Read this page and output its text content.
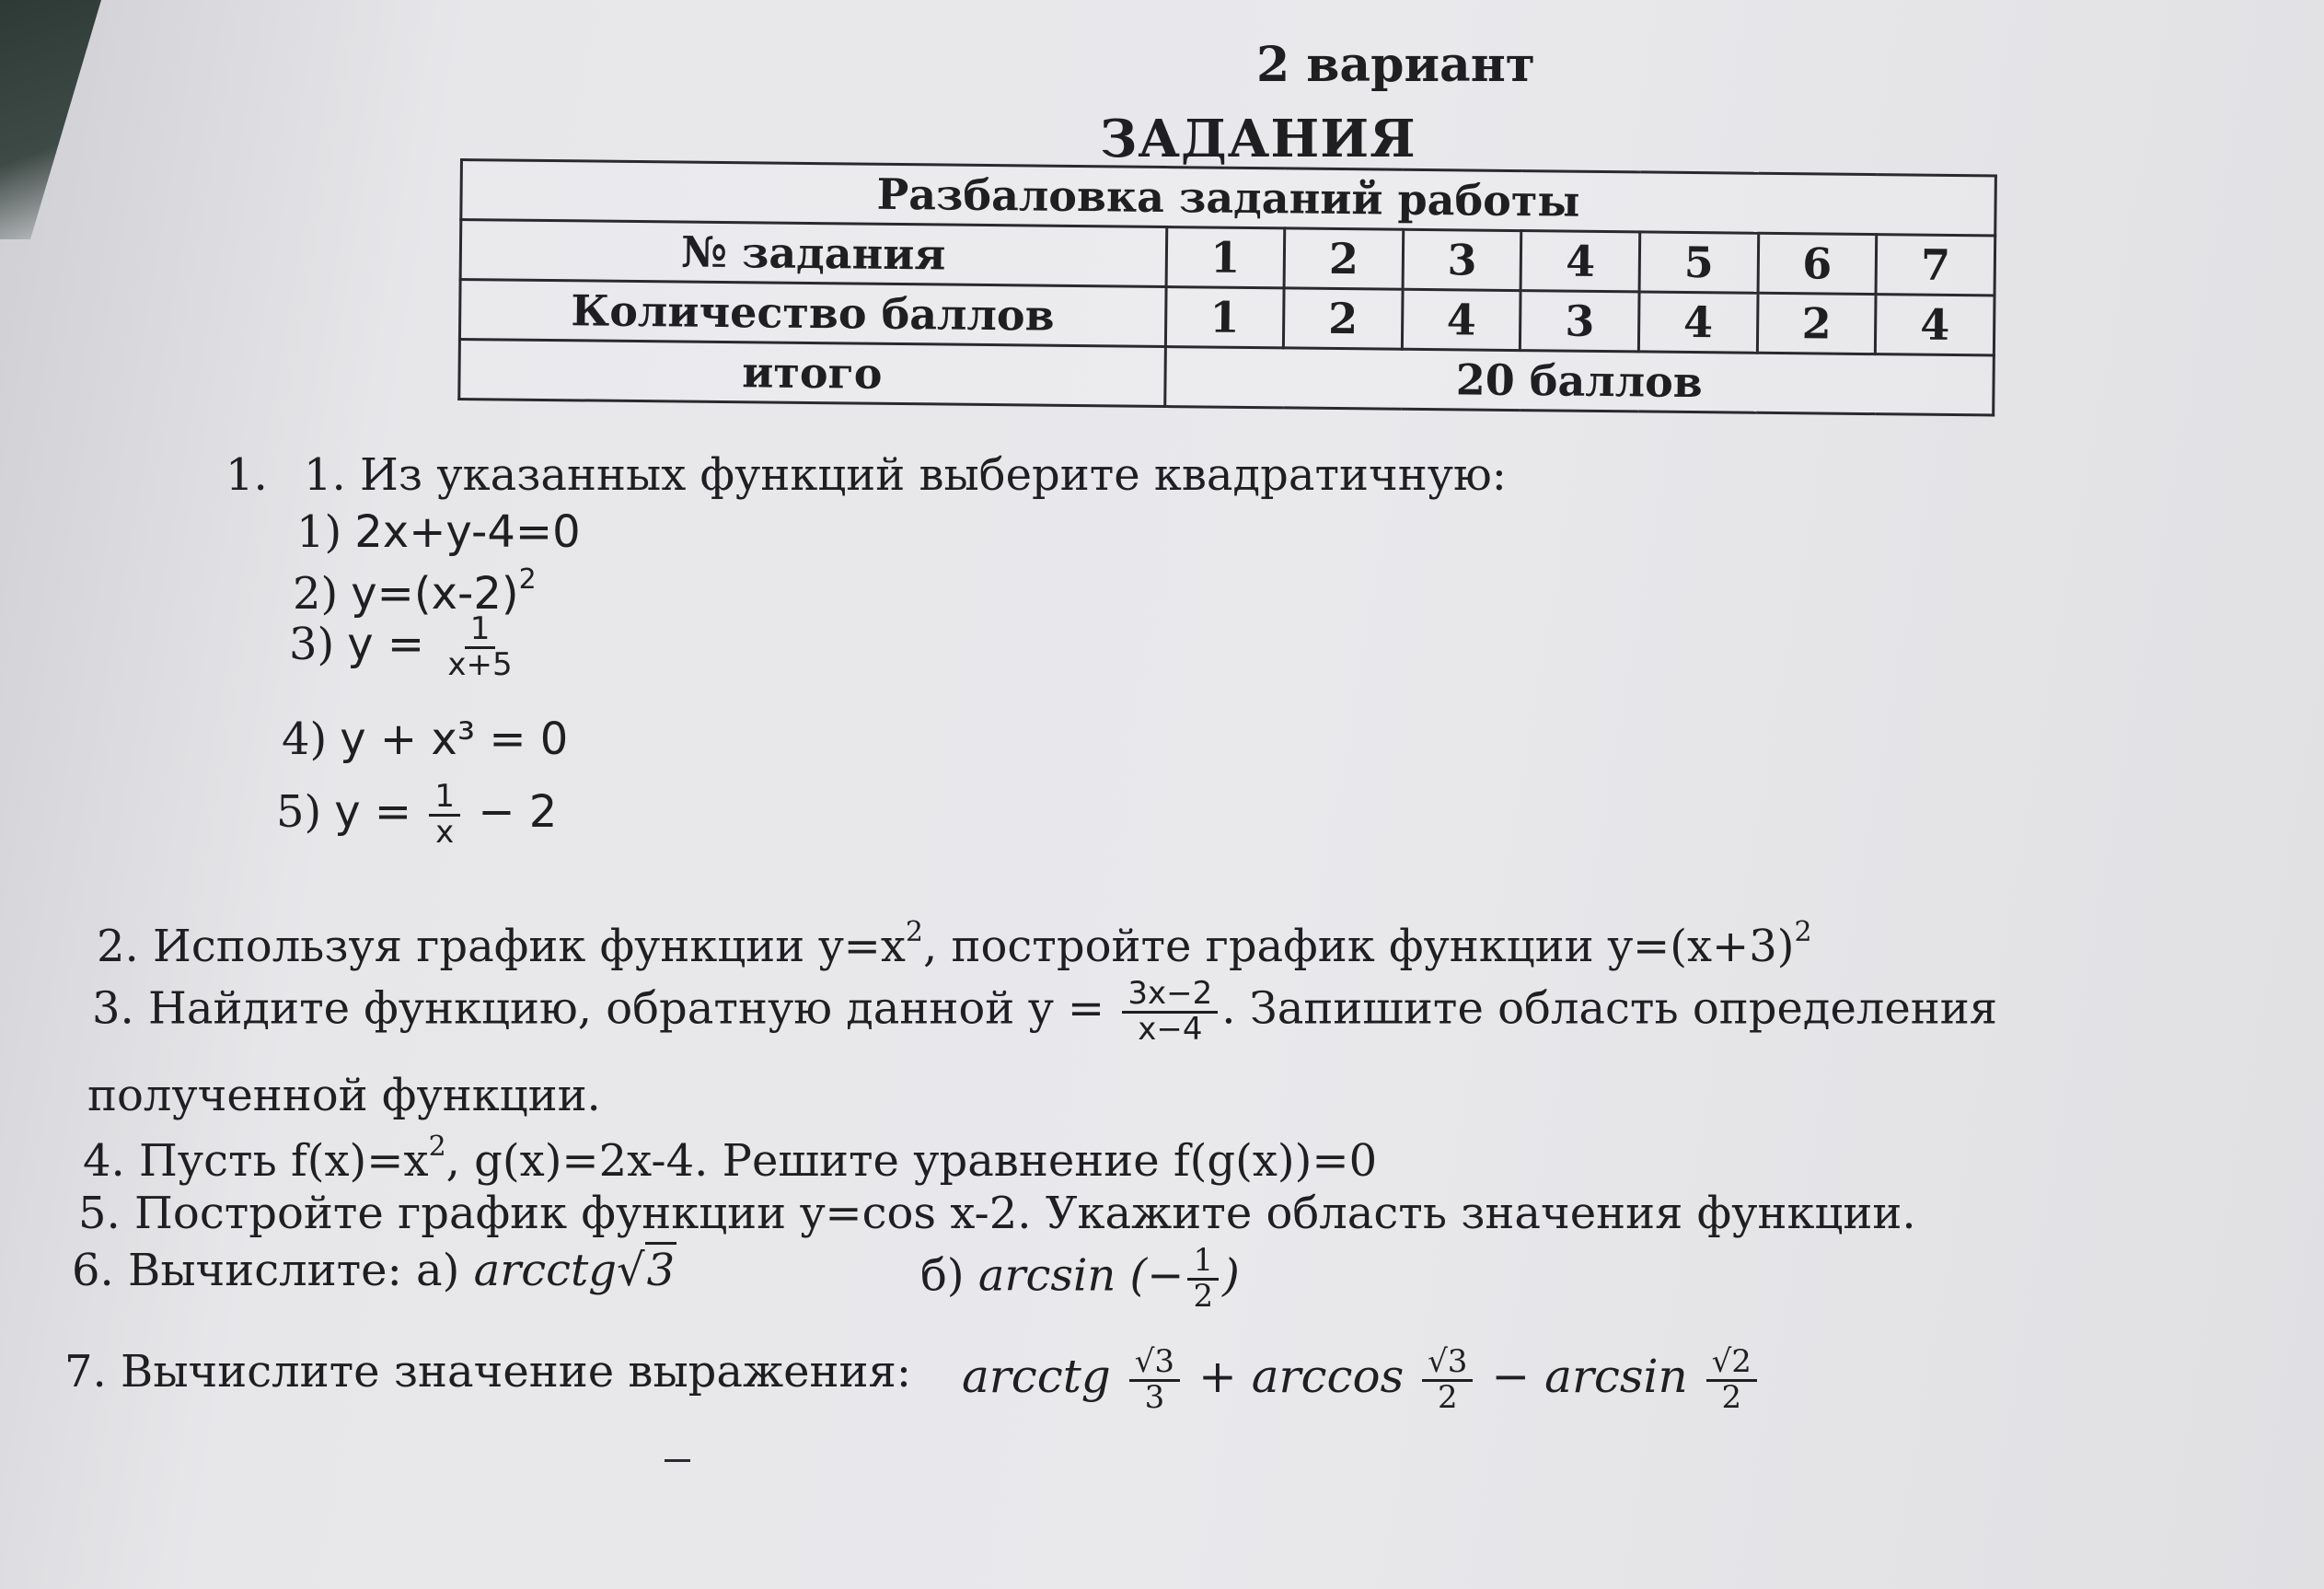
2 вариант
ЗАДАНИЯ
Разбаловка заданий работы							
№ задания	1	2	3	4	5	6	7
Количество баллов	1	2	4	3	4	2	4
итого	20 баллов						
1. 1. Из указанных функций выберите квадратичную:
1) 2x+y-4=0
2) $y=(x-2)^2$
3) $y = \frac{1}{x+5}$
4) y + x³ = 0
5) $y = \frac{1}{x} - 2$
2. Используя график функции $y=x^2$, постройте график функции $y=(x+3)^2$
3. Найдите функцию, обратную данной $y = \frac{3x-2}{x-4}$ . Запишите область определения
полученной функции.
4. Пусть $f(x)=x^2$, g(x)=2x-4. Решите уравнение f(g(x))=0
5. Постройте график функции y=cos x-2. Укажите область значения функции.
6. Вычислите: а) arcctg√3	б) arcsin (− $\frac{1}{2}$ )
7. Вычислите значение выражения: arcctg $\frac{√3}{3} + \arccos \frac{√3}{2} - \arcsin \frac{√2}{2}$
